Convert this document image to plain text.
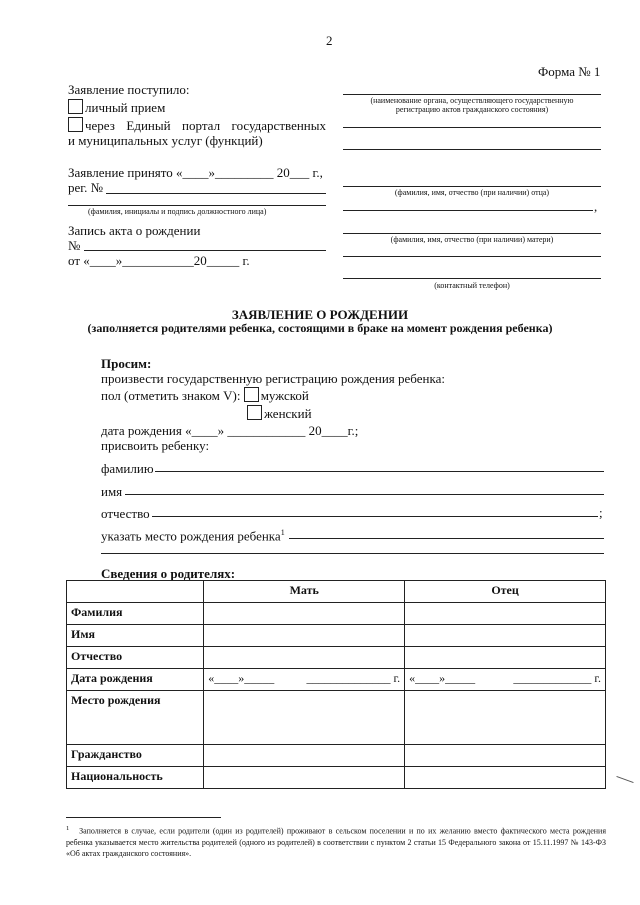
2
Форма № 1
Заявление поступило:
личный прием
через Единый портал государственных
и муниципальных услуг (функций)
Заявление принято «____»_________ 20___ г.,
рег. №
(фамилия, инициалы и подпись должностного лица)
Запись акта о рождении
№
от «____»___________20_____ г.
(наименование органа, осуществляющего государственную
регистрацию актов гражданского состояния)
(фамилия, имя, отчество (при наличии) отца)
,
(фамилия, имя, отчество (при наличии) матери)
(контактный телефон)
ЗАЯВЛЕНИЕ О РОЖДЕНИИ
(заполняется родителями ребенка, состоящими в браке на момент рождения ребенка)
Просим:
произвести государственную регистрацию рождения ребенка:
пол (отметить знаком V): мужской
женский
дата рождения «____» ____________ 20____г.;
присвоить ребенку:
фамилию
имя
отчество	;
указать место рождения ребенка$^1$
Сведения о родителях:
	Мать	Отец
Фамилия		
Имя		
Отчество		
Дата рождения	«____»_____ ______________ г.	«____»_____ _____________ г.

Место рождения		
Гражданство		
Национальность		
$^1$ Заполняется в случае, если родители (один из родителей) проживают в сельском поселении и по их желанию вместо фактического места рождения ребенка указывается место жительства родителей (одного из родителей) в соответствии с пунктом 2 статьи 15 Федерального закона от 15.11.1997 № 143-ФЗ «Об актах гражданского состояния».
